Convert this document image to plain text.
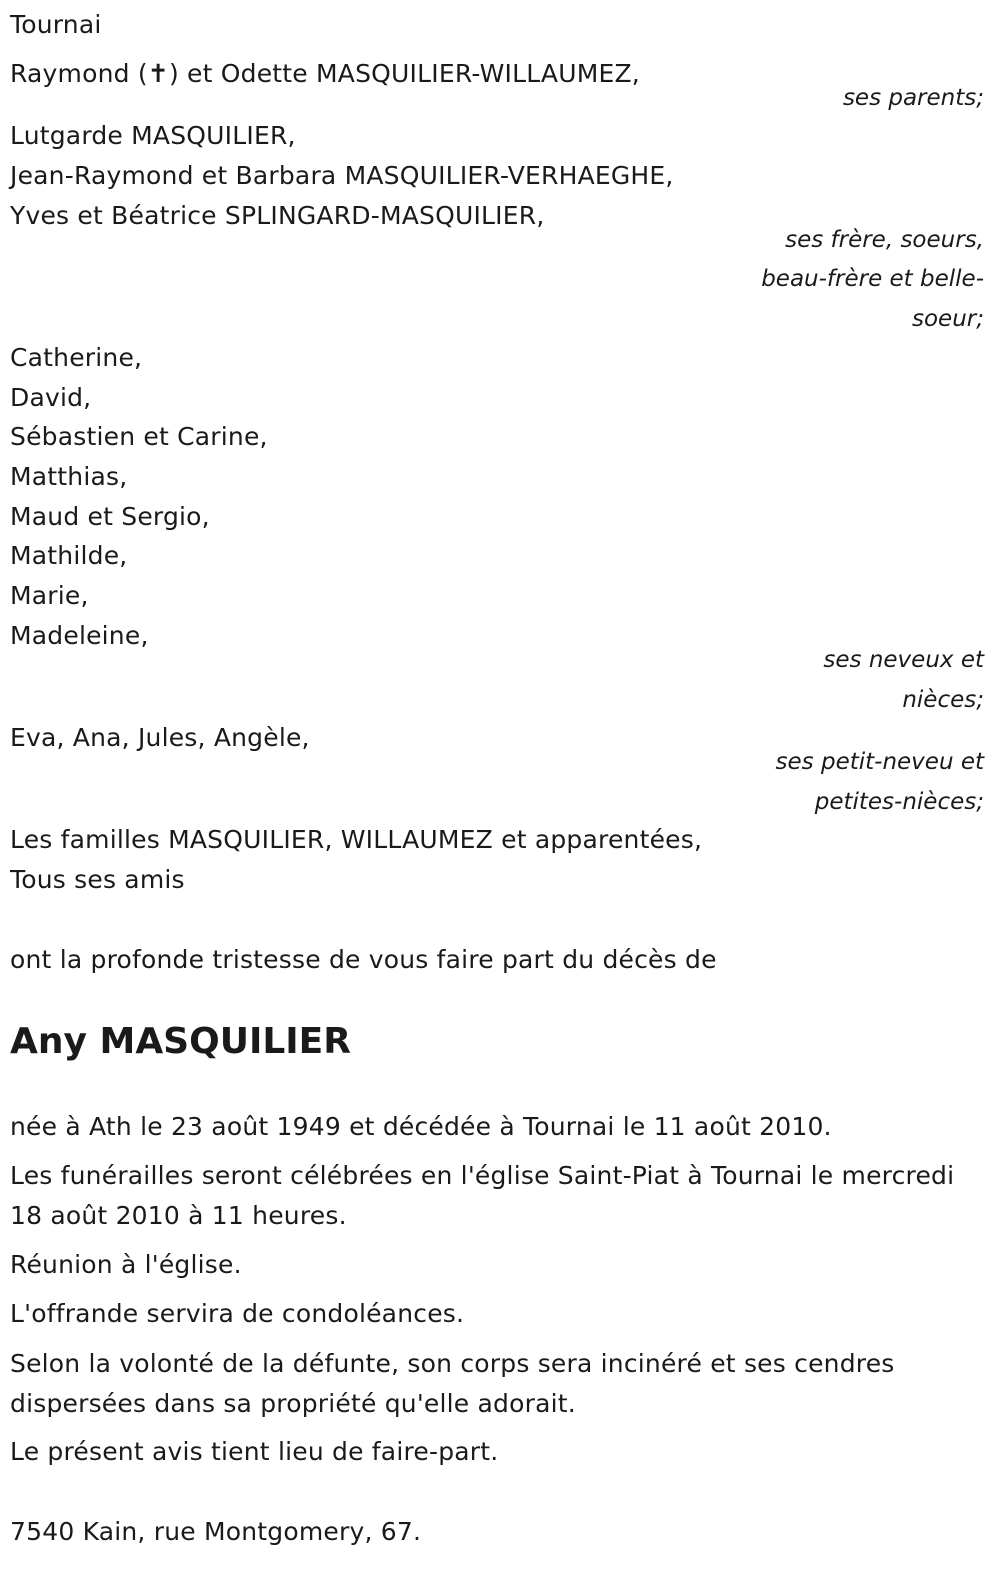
Tournai
Raymond (✝) et Odette MASQUILIER-WILLAUMEZ,
ses parents;
Lutgarde MASQUILIER,
Jean-Raymond et Barbara MASQUILIER-VERHAEGHE,
Yves et Béatrice SPLINGARD-MASQUILIER,
ses frère, soeurs,
beau-frère et belle-
soeur;
Catherine,
David,
Sébastien et Carine,
Matthias,
Maud et Sergio,
Mathilde,
Marie,
Madeleine,
ses neveux et
nièces;
Eva, Ana, Jules, Angèle,
ses petit-neveu et
petites-nièces;
Les familles MASQUILIER, WILLAUMEZ et apparentées,
Tous ses amis
ont la profonde tristesse de vous faire part du décès de
Any MASQUILIER
née à Ath le 23 août 1949 et décédée à Tournai le 11 août 2010.
Les funérailles seront célébrées en l'église Saint-Piat à Tournai le mercredi 18 août 2010 à 11 heures.
Réunion à l'église.
L'offrande servira de condoléances.
Selon la volonté de la défunte, son corps sera incinéré et ses cendres dispersées dans sa propriété qu'elle adorait.
Le présent avis tient lieu de faire-part.
7540 Kain, rue Montgomery, 67.
